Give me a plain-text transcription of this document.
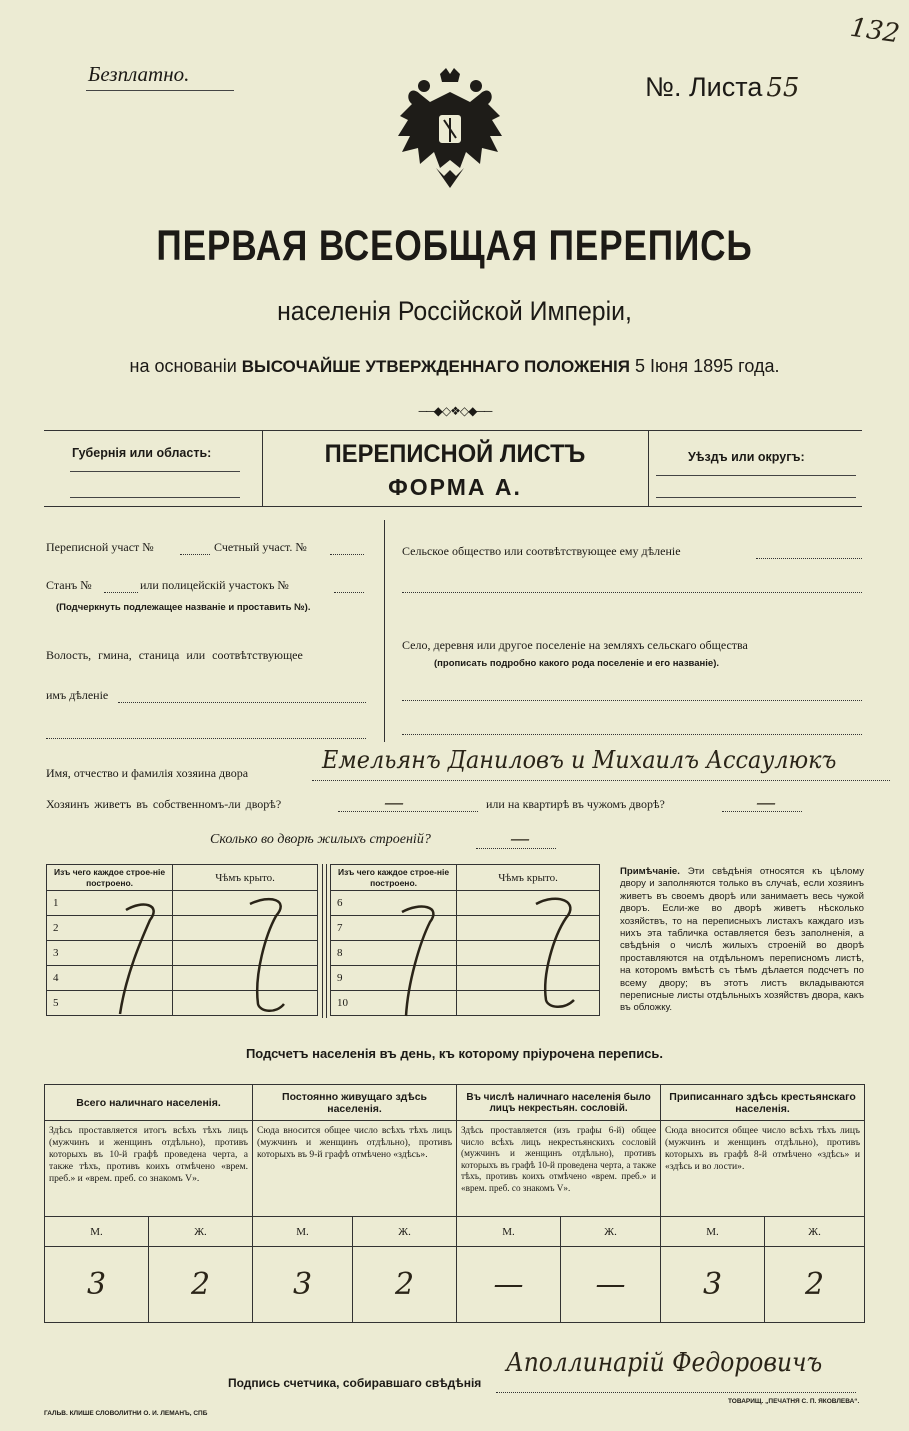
Безплатно.	№. Листа 55
132
ПЕРВАЯ ВСЕОБЩАЯ ПЕРЕПИСЬ
населенія Россійской Имперіи,
на основаніи ВЫСОЧАЙШЕ УТВЕРЖДЕННАГО ПОЛОЖЕНІЯ 5 Іюня 1895 года.
──◆◇❖◇◆──
Губернія или область:	ПЕРЕПИСНОЙ ЛИСТЪ
ФОРМА А.
Уѣздъ или округъ:
Переписной участ №	Счетный участ. №
Станъ №	или полицейскій участокъ №
(Подчеркнуть подлежащее названіе и проставить №).
Волость, гмина, станица или соотвѣтствующее
имъ дѣленіе
Сельское общество или соотвѣтствующее ему дѣленіе
Село, деревня или другое поселеніе на земляхъ сельскаго общества
(прописать подробно какого рода поселеніе и его названіе).
Имя, отчество и фамилія хозяина двора	Емельянъ Даниловъ и Михаилъ Ассаулюкъ
Хозяинъ живетъ въ собственномъ-ли дворѣ?	—	или на квартирѣ въ чужомъ дворѣ?	—
Сколько во дворѣ жилыхъ строеній?	—
Изъ чего каждое строе-ніе построено.	Чѣмъ крыто.
1	
2	
3	
4	
5	
Изъ чего каждое строе-ніе построено.	Чѣмъ крыто.
6	
7	
8	
9	
10	
Примѣчаніе. Эти свѣдѣнія относятся къ цѣлому двору и заполняются только въ случаѣ, если хозяинъ живетъ въ своемъ дворѣ или занимаетъ весь чужой дворъ. Если-же во дворѣ живетъ нѣсколько хозяйствъ, то на переписныхъ листахъ каждаго изъ нихъ эта табличка оставляется безъ заполненія, а свѣдѣнія о числѣ жилыхъ строеній во дворѣ проставляются на отдѣльномъ переписномъ листѣ, на которомъ вмѣстѣ съ тѣмъ дѣлается подсчетъ по всему двору; въ этотъ листъ вкладываются переписные листы отдѣльныхъ хозяйствъ двора, какъ въ обложку.
Подсчетъ населенія въ день, къ которому пріурочена перепись.
Всего наличнаго населенія.		Постоянно живущаго здѣсь населенія.		Въ числѣ наличнаго населенія было лицъ некрестьян. сословій.		Приписаннаго здѣсь крестьянскаго населенія.	
Здѣсь проставляется итогъ всѣхъ тѣхъ лицъ (мужчинъ и женщинъ отдѣльно), противъ которыхъ въ 10-й графѣ проведена черта, а также тѣхъ, противъ коихъ отмѣчено «врем. преб.» и «врем. преб. со знакомъ V».		Сюда вносится общее число всѣхъ тѣхъ лицъ (мужчинъ и женщинъ отдѣльно), противъ которыхъ въ 9-й графѣ отмѣчено «здѣсь».		Здѣсь проставляется (изъ графы 6-й) общее число всѣхъ лицъ некрестьянскихъ сословій (мужчинъ и женщинъ отдѣльно), противъ которыхъ въ графѣ 10-й проведена черта, а также тѣхъ, противъ коихъ отмѣчено «врем. преб.» и «врем. преб. со знакомъ V».		Сюда вносится общее число всѣхъ тѣхъ лицъ (мужчинъ и женщинъ отдѣльно), противъ которыхъ въ графѣ 8-й отмѣчено «здѣсь» и «здѣсь и во лости».	
М.	Ж.	М.	Ж.	М.	Ж.	М.	Ж.
3	2	3	2	—	—	3	2
Подпись счетчика, собиравшаго свѣдѣнія
Аполлинарій Федоровичъ
ГАЛЬВ. КЛИШЕ СЛОВОЛИТНИ О. И. ЛЕМАНЪ, СПБ
ТОВАРИЩ. „ПЕЧАТНЯ С. П. ЯКОВЛЕВА“.
